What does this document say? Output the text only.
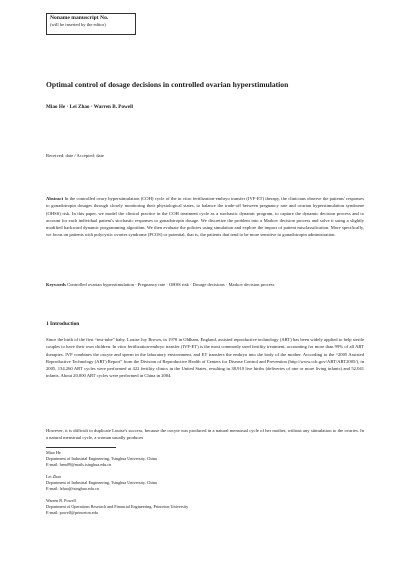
Noname manuscript No.
(will be inserted by the editor)
Optimal control of dosage decisions in controlled ovarian hyperstimulation
Miao He · Lei Zhao · Warren B. Powell
Received: date / Accepted: date

Abstract In the controlled ovary hyperstimulation (COH) cycle of the in vitro fertilization-embryo transfer (IVF-ET) therapy, the clinicians observe the patients' responses to gonadotropin dosages through closely monitoring their physiological states, to balance the trade-off between pregnancy rate and ovarian hyperstimulation syndrome (OHSS) risk. In this paper, we model the clinical practice in the COH treatment cycle as a stochastic dynamic program, to capture the dynamic decision process and to account for each individual patient's stochastic responses to gonadotropin dosage. We discretize the problem into a Markov decision process and solve it using a slightly modified backward dynamic programming algorithm. We then evaluate the policies using simulation and explore the impact of patient misclassification. More specifically, we focus on patients with polycystic ovaries syndrome (PCOS) or potential, that is, the patients that tend to be more sensitive to gonadotropin administration.

Keywords Controlled ovarian hyperstimulation · Pregnancy rate · OHSS risk · Dosage decisions · Markov decision process

1 Introduction

Since the birth of the first “test-tube” baby, Louise Joy Brown, in 1978 in Oldham, England, assisted reproductive technology (ART) has been widely applied to help sterile couples to have their own children. In vitro fertilization-embryo transfer (IVF-ET) is the most commonly used fertility treatment, accounting for more than 99% of all ART therapies. IVF combines the oocyte and sperm in the laboratory environment, and ET transfers the embryo into the body of the mother. According to the “2005 Assisted Reproductive Technology (ART) Report” from the Division of Reproductive Health of Centers for Disease Control and Prevention (http://www.cdc.gov/ART/ART2005/), in 2005, 134,260 ART cycles were performed at 422 fertility clinics in the United States, resulting in 38,910 live births (deliveries of one or more living infants) and 52,041 infants. About 20,000 ART cycles were performed in China in 2004.

However, it is difficult to duplicate Louise's success, because the oocyte was produced in a natural menstrual cycle of her mother, without any stimulation to the ovaries. In a natural menstrual cycle, a woman usually produces

Miao He
Department of Industrial Engineering, Tsinghua University, China
E-mail: hem09@mails.tsinghua.edu.cn
Lei Zhao
Department of Industrial Engineering, Tsinghua University, China
E-mail: lzhao@tsinghua.edu.cn
Warren B. Powell
Department of Operations Research and Financial Engineering, Princeton University
E-mail: powell@princeton.edu
